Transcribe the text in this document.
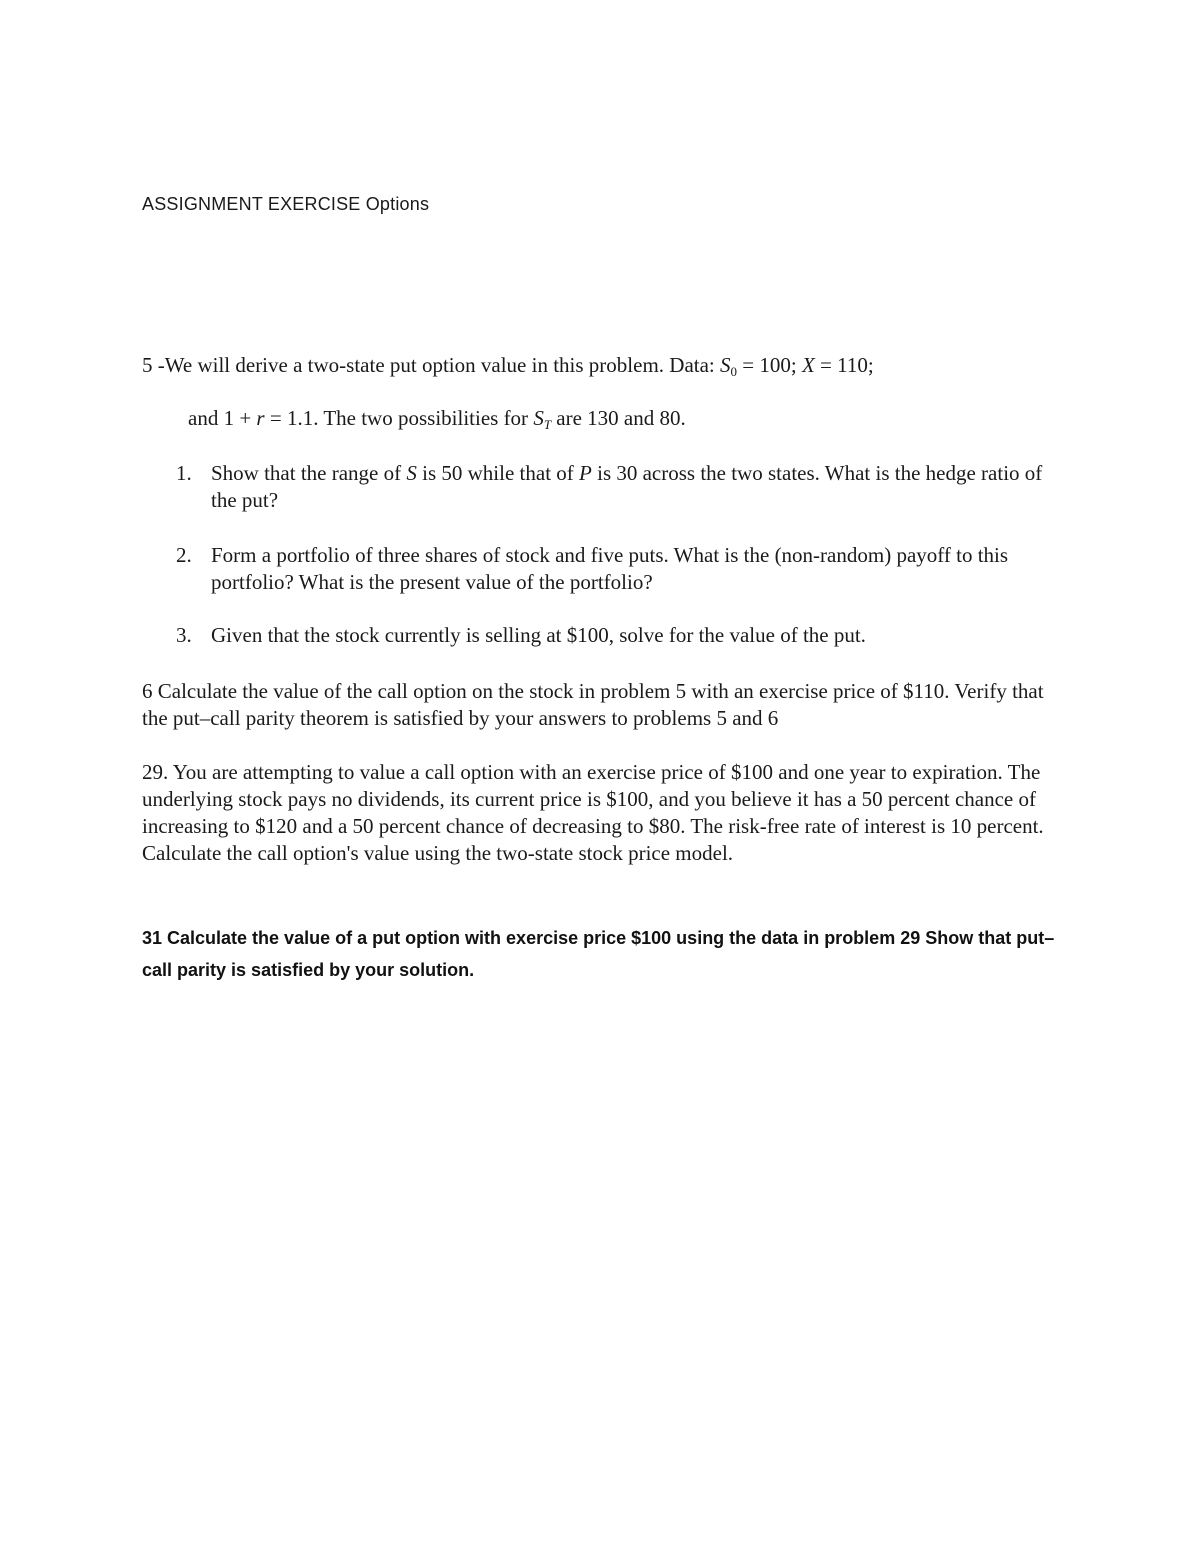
ASSIGNMENT EXERCISE Options
5 -We will derive a two-state put option value in this problem. Data: $S_0 = 100$; X = 110;
and 1 + r = 1.1. The two possibilities for ST are 130 and 80.
1. Show that the range of S is 50 while that of P is 30 across the two states. What is the hedge ratio of the put?
2. Form a portfolio of three shares of stock and five puts. What is the (non-random) payoff to this portfolio? What is the present value of the portfolio?
3. Given that the stock currently is selling at $100, solve for the value of the put.
6 Calculate the value of the call option on the stock in problem 5 with an exercise price of $110. Verify that the put–call parity theorem is satisfied by your answers to problems 5 and 6
29. You are attempting to value a call option with an exercise price of $100 and one year to expiration. The underlying stock pays no dividends, its current price is $100, and you believe it has a 50 percent chance of increasing to $120 and a 50 percent chance of decreasing to $80. The risk-free rate of interest is 10 percent. Calculate the call option's value using the two-state stock price model.
31 Calculate the value of a put option with exercise price $100 using the data in problem 29 Show that put–call parity is satisfied by your solution.
